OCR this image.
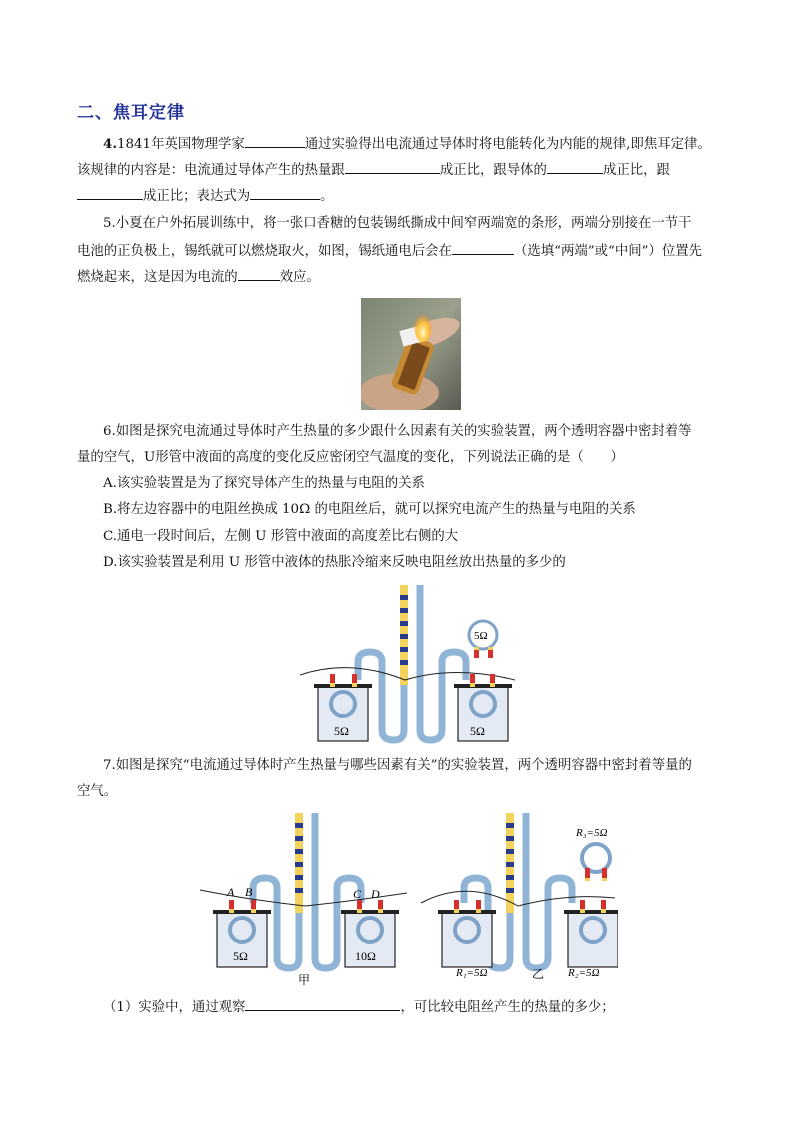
二、焦耳定律
4.1841年英国物理学家	通过实验得出电流通过导体时将电能转化为内能的规律,即焦耳定律。
该规律的内容是：电流通过导体产生的热量跟	成正比，跟导体的	成正比，跟
成正比；表达式为	。
5.小夏在户外拓展训练中，将一张口香糖的包装锡纸撕成中间窄两端宽的条形，两端分别接在一节干
电池的正负极上，锡纸就可以燃烧取火，如图，锡纸通电后会在	（选填“两端”或“中间”）位置先
燃烧起来，这是因为电流的	效应。
6.如图是探究电流通过导体时产生热量的多少跟什么因素有关的实验装置，两个透明容器中密封着等
量的空气，U形管中液面的高度的变化反应密闭空气温度的变化，下列说法正确的是（　　）
A.该实验装置是为了探究导体产生的热量与电阻的关系
B.将左边容器中的电阻丝换成 10Ω 的电阻丝后，就可以探究电流产生的热量与电阻的关系
C.通电一段时间后，左侧 U 形管中液面的高度差比右侧的大
D.该实验装置是利用 U 形管中液体的热胀冷缩来反映电阻丝放出热量的多少的
5Ω	5Ω
5Ω
7.如图是探究“电流通过导体时产生热量与哪些因素有关”的实验装置，两个透明容器中密封着等量的
空气。
5Ω	10Ω
A B	C D
甲
R₃=5Ω
R₁=5Ω	R₂=5Ω
乙
（1）实验中，通过观察	，可比较电阻丝产生的热量的多少；
